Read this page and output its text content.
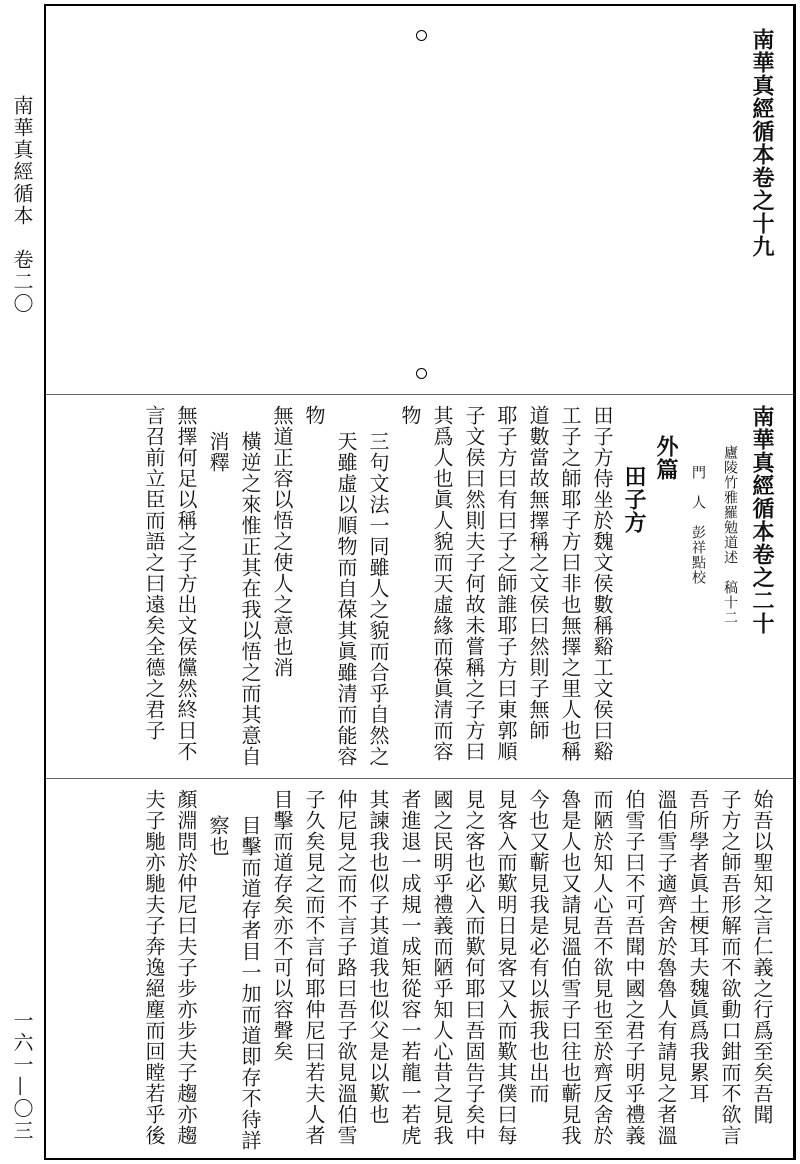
南華真經循本　卷二〇
一六一—〇三
南華真經循本卷之十九
南華真經循本卷之二十
廬陵竹雅羅勉道述　稿十二
門　人　彭祥點校
外篇
田子方
田子方侍坐於魏文侯數稱谿工文侯曰谿
工子之師耶子方曰非也無擇之里人也稱
道數當故無擇稱之文侯曰然則子無師
耶子方曰有曰子之師誰耶子方曰東郭順
子文侯曰然則夫子何故未嘗稱之子方曰
其爲人也眞人貌而天虛緣而葆眞清而容
物
三句文法一同雖人之貌而合乎自然之
天雖虛以順物而自葆其眞雖清而能容
物
無道正容以悟之使人之意也消
橫逆之來惟正其在我以悟之而其意自
消釋
無擇何足以稱之子方出文侯儻然終日不
言召前立臣而語之曰遠矣全德之君子
始吾以聖知之言仁義之行爲至矣吾聞
子方之師吾形解而不欲動口鉗而不欲言
吾所學者眞土梗耳夫魏眞爲我累耳
溫伯雪子適齊舍於魯魯人有請見之者溫
伯雪子曰不可吾聞中國之君子明乎禮義
而陋於知人心吾不欲見也至於齊反舍於
魯是人也又請見溫伯雪子曰往也蘄見我
今也又蘄見我是必有以振我也出而
見客入而歎明日見客又入而歎其僕曰每
見之客也必入而歎何耶曰吾固告子矣中
國之民明乎禮義而陋乎知人心昔之見我
者進退一成規一成矩從容一若龍一若虎
其諫我也似子其道我也似父是以歎也
仲尼見之而不言子路曰吾子欲見溫伯雪
子久矣見之而不言何耶仲尼曰若夫人者
目擊而道存矣亦不可以容聲矣
目擊而道存者目一加而道即存不待詳
察也
顏淵問於仲尼曰夫子步亦步夫子趨亦趨
夫子馳亦馳夫子奔逸絕塵而回瞠若乎後
